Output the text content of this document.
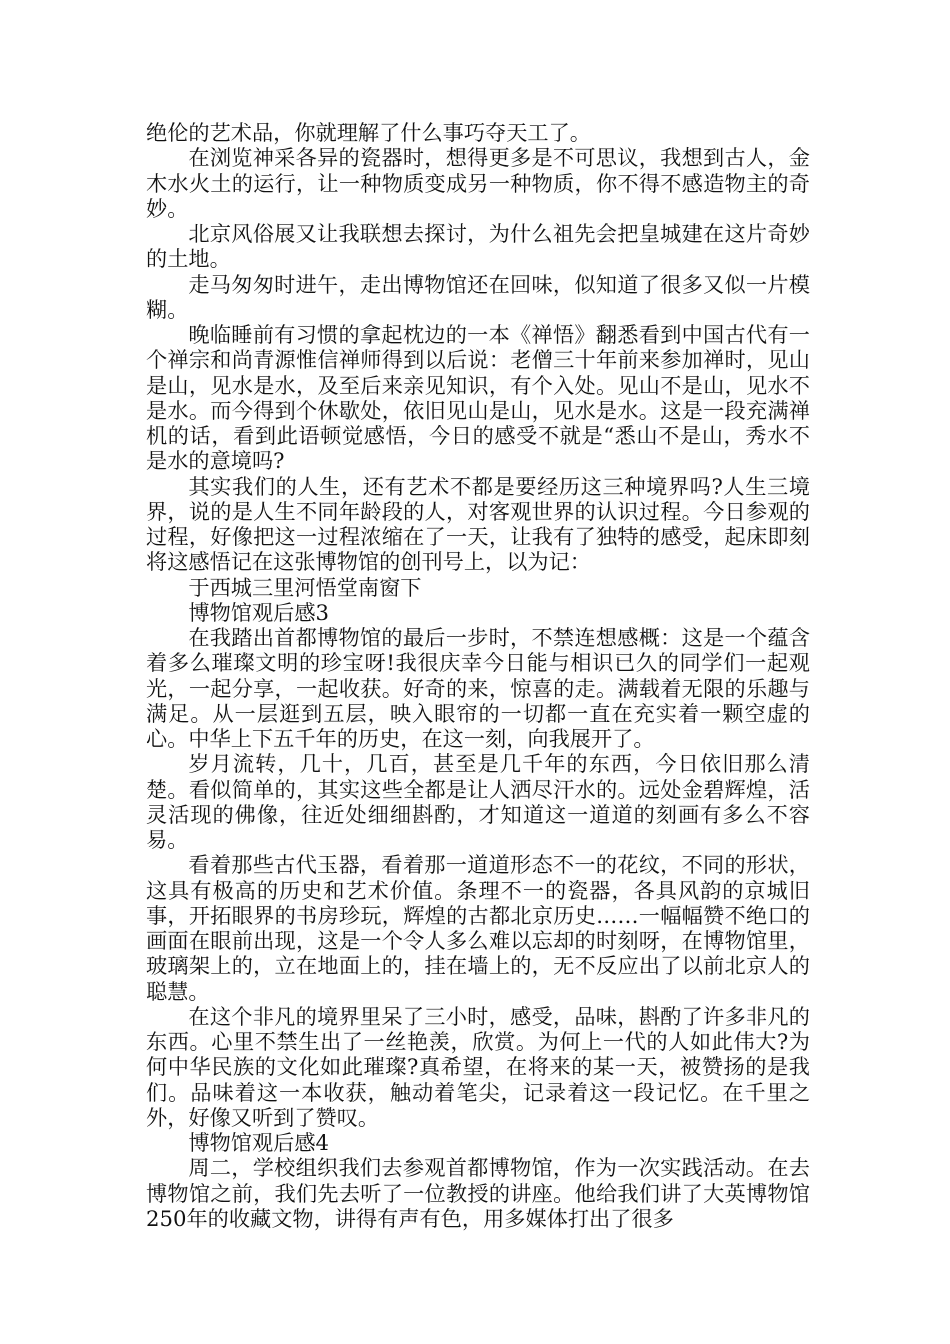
绝伦的艺术品，你就理解了什么事巧夺天工了。

在浏览神采各异的瓷器时，想得更多是不可思议，我想到古人，金木水火土的运行，让一种物质变成另一种物质，你不得不感造物主的奇妙。

北京风俗展又让我联想去探讨，为什么祖先会把皇城建在这片奇妙的土地。

走马匆匆时进午，走出博物馆还在回味，似知道了很多又似一片模糊。

晚临睡前有习惯的拿起枕边的一本《禅悟》翻悉看到中国古代有一个禅宗和尚青源惟信禅师得到以后说：老僧三十年前来参加禅时，见山是山，见水是水，及至后来亲见知识，有个入处。见山不是山，见水不是水。而今得到个休歇处，依旧见山是山，见水是水。这是一段充满禅机的话，看到此语顿觉感悟，今日的感受不就是“悉山不是山，秀水不是水的意境吗?

其实我们的人生，还有艺术不都是要经历这三种境界吗?人生三境界，说的是人生不同年龄段的人，对客观世界的认识过程。今日参观的过程，好像把这一过程浓缩在了一天，让我有了独特的感受，起床即刻将这感悟记在这张博物馆的创刊号上，以为记：

于西城三里河悟堂南窗下

博物馆观后感3

在我踏出首都博物馆的最后一步时，不禁连想感概：这是一个蕴含着多么璀璨文明的珍宝呀!我很庆幸今日能与相识已久的同学们一起观光，一起分享，一起收获。好奇的来，惊喜的走。满载着无限的乐趣与满足。从一层逛到五层，映入眼帘的一切都一直在充实着一颗空虚的心。中华上下五千年的历史，在这一刻，向我展开了。

岁月流转，几十，几百，甚至是几千年的东西，今日依旧那么清楚。看似简单的，其实这些全都是让人洒尽汗水的。远处金碧辉煌，活灵活现的佛像，往近处细细斟酌，才知道这一道道的刻画有多么不容易。

看着那些古代玉器，看着那一道道形态不一的花纹，不同的形状，这具有极高的历史和艺术价值。条理不一的瓷器，各具风韵的京城旧事，开拓眼界的书房珍玩，辉煌的古都北京历史……一幅幅赞不绝口的画面在眼前出现，这是一个令人多么难以忘却的时刻呀，在博物馆里，玻璃架上的，立在地面上的，挂在墙上的，无不反应出了以前北京人的聪慧。

在这个非凡的境界里呆了三小时，感受，品味，斟酌了许多非凡的东西。心里不禁生出了一丝艳羡，欣赏。为何上一代的人如此伟大?为何中华民族的文化如此璀璨?真希望，在将来的某一天，被赞扬的是我们。品味着这一本收获，触动着笔尖，记录着这一段记忆。在千里之外，好像又听到了赞叹。

博物馆观后感4

周二，学校组织我们去参观首都博物馆，作为一次实践活动。在去博物馆之前，我们先去听了一位教授的讲座。他给我们讲了大英博物馆250年的收藏文物，讲得有声有色，用多媒体打出了很多
